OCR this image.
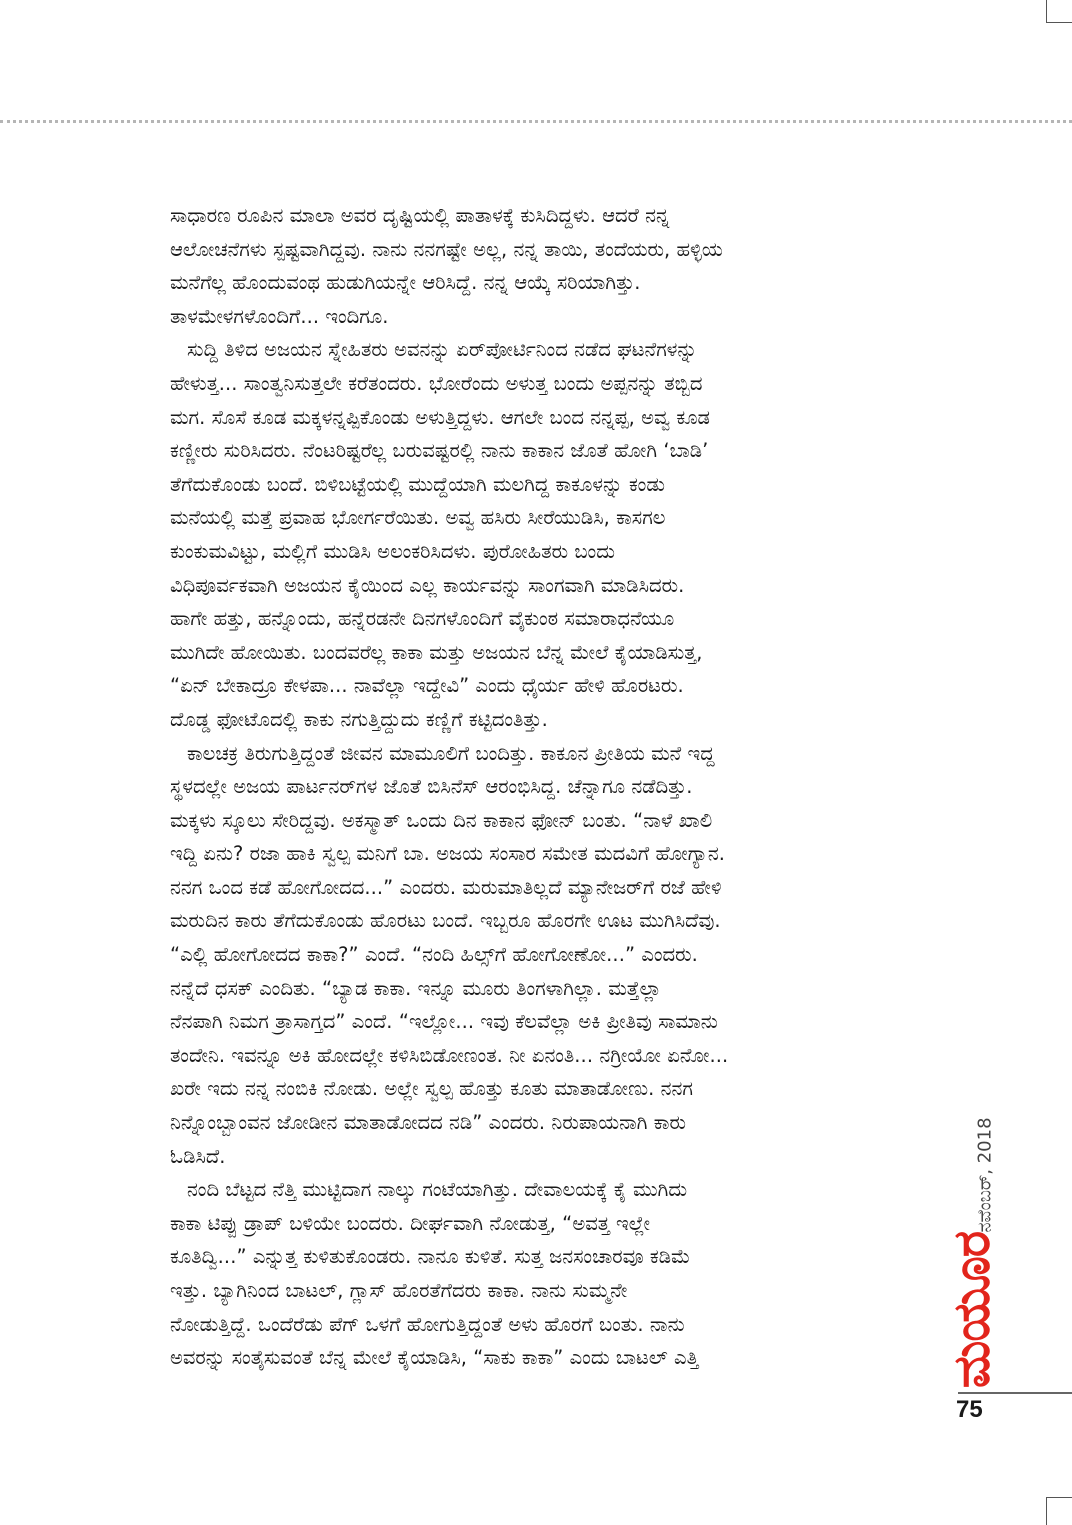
ಸಾಧಾರಣ ರೂಪಿನ ಮಾಲಾ ಅವರ ದೃಷ್ಟಿಯಲ್ಲಿ ಪಾತಾಳಕ್ಕೆ ಕುಸಿದಿದ್ದಳು. ಆದರೆ ನನ್ನ
ಆಲೋಚನೆಗಳು ಸ್ಪಷ್ಟವಾಗಿದ್ದವು. ನಾನು ನನಗಷ್ಟೇ ಅಲ್ಲ, ನನ್ನ ತಾಯಿ, ತಂದೆಯರು, ಹಳ್ಳಿಯ
ಮನೆಗೆಲ್ಲ ಹೊಂದುವಂಥ ಹುಡುಗಿಯನ್ನೇ ಆರಿಸಿದ್ದೆ. ನನ್ನ ಆಯ್ಕೆ ಸರಿಯಾಗಿತ್ತು.
ತಾಳಮೇಳಗಳೊಂದಿಗೆ... ಇಂದಿಗೂ.

ಸುದ್ದಿ ತಿಳಿದ ಅಜಯನ ಸ್ನೇಹಿತರು ಅವನನ್ನು ಏರ್‌ಪೋರ್ಟಿನಿಂದ ನಡೆದ ಘಟನೆಗಳನ್ನು
ಹೇಳುತ್ತ... ಸಾಂತ್ವನಿಸುತ್ತಲೇ ಕರೆತಂದರು. ಭೋರೆಂದು ಅಳುತ್ತ ಬಂದು ಅಪ್ಪನನ್ನು ತಬ್ಬಿದ
ಮಗ. ಸೊಸೆ ಕೂಡ ಮಕ್ಕಳನ್ನಪ್ಪಿಕೊಂಡು ಅಳುತ್ತಿದ್ದಳು. ಆಗಲೇ ಬಂದ ನನ್ನಪ್ಪ, ಅವ್ವ ಕೂಡ
ಕಣ್ಣೀರು ಸುರಿಸಿದರು. ನೆಂಟರಿಷ್ಟರೆಲ್ಲ ಬರುವಷ್ಟರಲ್ಲಿ ನಾನು ಕಾಕಾನ ಜೊತೆ ಹೋಗಿ ‘ಬಾಡಿ’
ತೆಗೆದುಕೊಂಡು ಬಂದೆ. ಬಿಳಿಬಟ್ಟೆಯಲ್ಲಿ ಮುದ್ದೆಯಾಗಿ ಮಲಗಿದ್ದ ಕಾಕೂಳನ್ನು ಕಂಡು
ಮನೆಯಲ್ಲಿ ಮತ್ತೆ ಪ್ರವಾಹ ಭೋರ್ಗರೆಯಿತು. ಅವ್ವ ಹಸಿರು ಸೀರೆಯುಡಿಸಿ, ಕಾಸಗಲ
ಕುಂಕುಮವಿಟ್ಟು, ಮಲ್ಲಿಗೆ ಮುಡಿಸಿ ಅಲಂಕರಿಸಿದಳು. ಪುರೋಹಿತರು ಬಂದು
ವಿಧಿಪೂರ್ವಕವಾಗಿ ಅಜಯನ ಕೈಯಿಂದ ಎಲ್ಲ ಕಾರ್ಯವನ್ನು ಸಾಂಗವಾಗಿ ಮಾಡಿಸಿದರು.
ಹಾಗೇ ಹತ್ತು, ಹನ್ನೊಂದು, ಹನ್ನೆರಡನೇ ದಿನಗಳೊಂದಿಗೆ ವೈಕುಂಠ ಸಮಾರಾಧನೆಯೂ
ಮುಗಿದೇ ಹೋಯಿತು. ಬಂದವರೆಲ್ಲ ಕಾಕಾ ಮತ್ತು ಅಜಯನ ಬೆನ್ನ ಮೇಲೆ ಕೈಯಾಡಿಸುತ್ತ,
“ಏನ್ ಬೇಕಾದ್ರೂ ಕೇಳಪಾ... ನಾವೆಲ್ಲಾ ಇದ್ದೇವಿ” ಎಂದು ಧೈರ್ಯ ಹೇಳಿ ಹೊರಟರು.
ದೊಡ್ಡ ಫೋಟೊದಲ್ಲಿ ಕಾಕು ನಗುತ್ತಿದ್ದುದು ಕಣ್ಣಿಗೆ ಕಟ್ಟಿದಂತಿತ್ತು.

ಕಾಲಚಕ್ರ ತಿರುಗುತ್ತಿದ್ದಂತೆ ಜೀವನ ಮಾಮೂಲಿಗೆ ಬಂದಿತ್ತು. ಕಾಕೂನ ಪ್ರೀತಿಯ ಮನೆ ಇದ್ದ
ಸ್ಥಳದಲ್ಲೇ ಅಜಯ ಪಾರ್ಟನರ್‌ಗಳ ಜೊತೆ ಬಿಸಿನೆಸ್ ಆರಂಭಿಸಿದ್ದ. ಚೆನ್ನಾಗೂ ನಡೆದಿತ್ತು.
ಮಕ್ಕಳು ಸ್ಕೂಲು ಸೇರಿದ್ದವು. ಅಕಸ್ಮಾತ್ ಒಂದು ದಿನ ಕಾಕಾನ ಫೋನ್ ಬಂತು. “ನಾಳೆ ಖಾಲಿ
ಇದ್ದಿ ಏನು? ರಜಾ ಹಾಕಿ ಸ್ವಲ್ಪ ಮನಿಗೆ ಬಾ. ಅಜಯ ಸಂಸಾರ ಸಮೇತ ಮದವಿಗೆ ಹೋಗ್ಯಾನ.
ನನಗ ಒಂದ ಕಡೆ ಹೋಗೋದದ...” ಎಂದರು. ಮರುಮಾತಿಲ್ಲದೆ ಮ್ಯಾನೇಜರ್‌ಗೆ ರಜೆ ಹೇಳಿ
ಮರುದಿನ ಕಾರು ತೆಗೆದುಕೊಂಡು ಹೊರಟು ಬಂದೆ. ಇಬ್ಬರೂ ಹೊರಗೇ ಊಟ ಮುಗಿಸಿದೆವು.
“ಎಲ್ಲಿ ಹೋಗೋದದ ಕಾಕಾ?” ಎಂದೆ. “ನಂದಿ ಹಿಲ್ಸ್‌ಗೆ ಹೋಗೋಣೋ...” ಎಂದರು.
ನನ್ನೆದೆ ಧಸಕ್ ಎಂದಿತು. “ಬ್ಯಾಡ ಕಾಕಾ. ಇನ್ನೂ ಮೂರು ತಿಂಗಳಾಗಿಲ್ಲಾ. ಮತ್ತೆಲ್ಲಾ
ನೆನಪಾಗಿ ನಿಮಗ ತ್ರಾಸಾಗ್ತದ” ಎಂದೆ. “ಇಲ್ಲೋ... ಇವು ಕೆಲವೆಲ್ಲಾ ಅಕಿ ಪ್ರೀತಿವು ಸಾಮಾನು
ತಂದೇನಿ. ಇವನ್ನೂ ಅಕಿ ಹೋದಲ್ಲೇ ಕಳಿಸಿಬಿಡೋಣಂತ. ನೀ ಏನಂತಿ... ನಗ್ರೀಯೋ ಏನೋ...
ಖರೇ ಇದು ನನ್ನ ನಂಬಿಕಿ ನೋಡು. ಅಲ್ಲೇ ಸ್ವಲ್ಪ ಹೊತ್ತು ಕೂತು ಮಾತಾಡೋಣು. ನನಗ
ನಿನ್ನೊಂಬ್ಬಾಂವನ ಜೋಡೀನ ಮಾತಾಡೋದದ ನಡಿ” ಎಂದರು. ನಿರುಪಾಯನಾಗಿ ಕಾರು
ಓಡಿಸಿದೆ.

ನಂದಿ ಬೆಟ್ಟದ ನೆತ್ತಿ ಮುಟ್ಟಿದಾಗ ನಾಲ್ಕು ಗಂಟೆಯಾಗಿತ್ತು. ದೇವಾಲಯಕ್ಕೆ ಕೈ ಮುಗಿದು
ಕಾಕಾ ಟಿಪ್ಪು ಡ್ರಾಪ್ ಬಳಿಯೇ ಬಂದರು. ದೀರ್ಘವಾಗಿ ನೋಡುತ್ತ, “ಅವತ್ತ ಇಲ್ಲೇ
ಕೂತಿದ್ವಿ...” ಎನ್ನುತ್ತ ಕುಳಿತುಕೊಂಡರು. ನಾನೂ ಕುಳಿತೆ. ಸುತ್ತ ಜನಸಂಚಾರವೂ ಕಡಿಮೆ
ಇತ್ತು. ಬ್ಯಾಗಿನಿಂದ ಬಾಟಲ್, ಗ್ಲಾಸ್ ಹೊರತೆಗೆದರು ಕಾಕಾ. ನಾನು ಸುಮ್ಮನೇ
ನೋಡುತ್ತಿದ್ದೆ. ಒಂದೆರೆಡು ಪೆಗ್ ಒಳಗೆ ಹೋಗುತ್ತಿದ್ದಂತೆ ಅಳು ಹೊರಗೆ ಬಂತು. ನಾನು
ಅವರನ್ನು ಸಂತೈಸುವಂತೆ ಬೆನ್ನ ಮೇಲೆ ಕೈಯಾಡಿಸಿ, “ಸಾಕು ಕಾಕಾ” ಎಂದು ಬಾಟಲ್ ಎತ್ತಿ

ನವೆಂಬರ್, 2018
ಮಯೂರ
75
